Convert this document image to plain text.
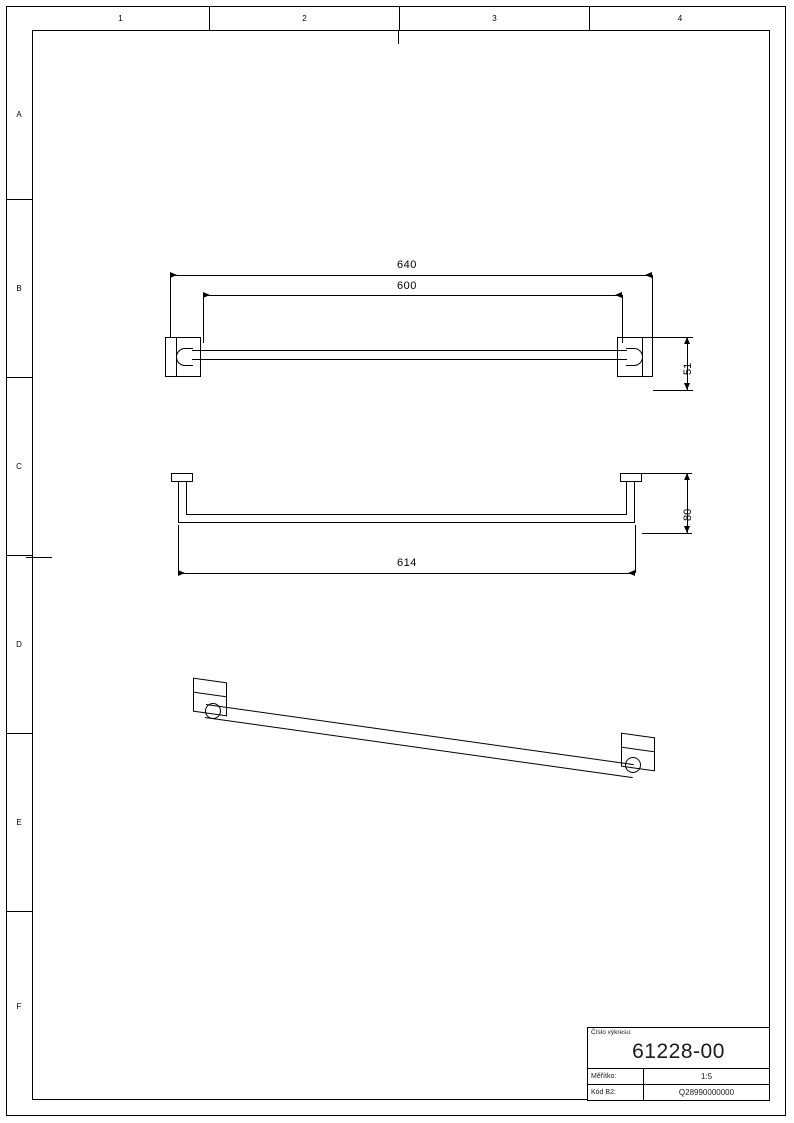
1	2	3	4
A
B
C
D
E
F
640
600
51
80
614
Číslo výkresu:
61228-00
Měřítko:	1:5
Kód B2:	Q28990000000
